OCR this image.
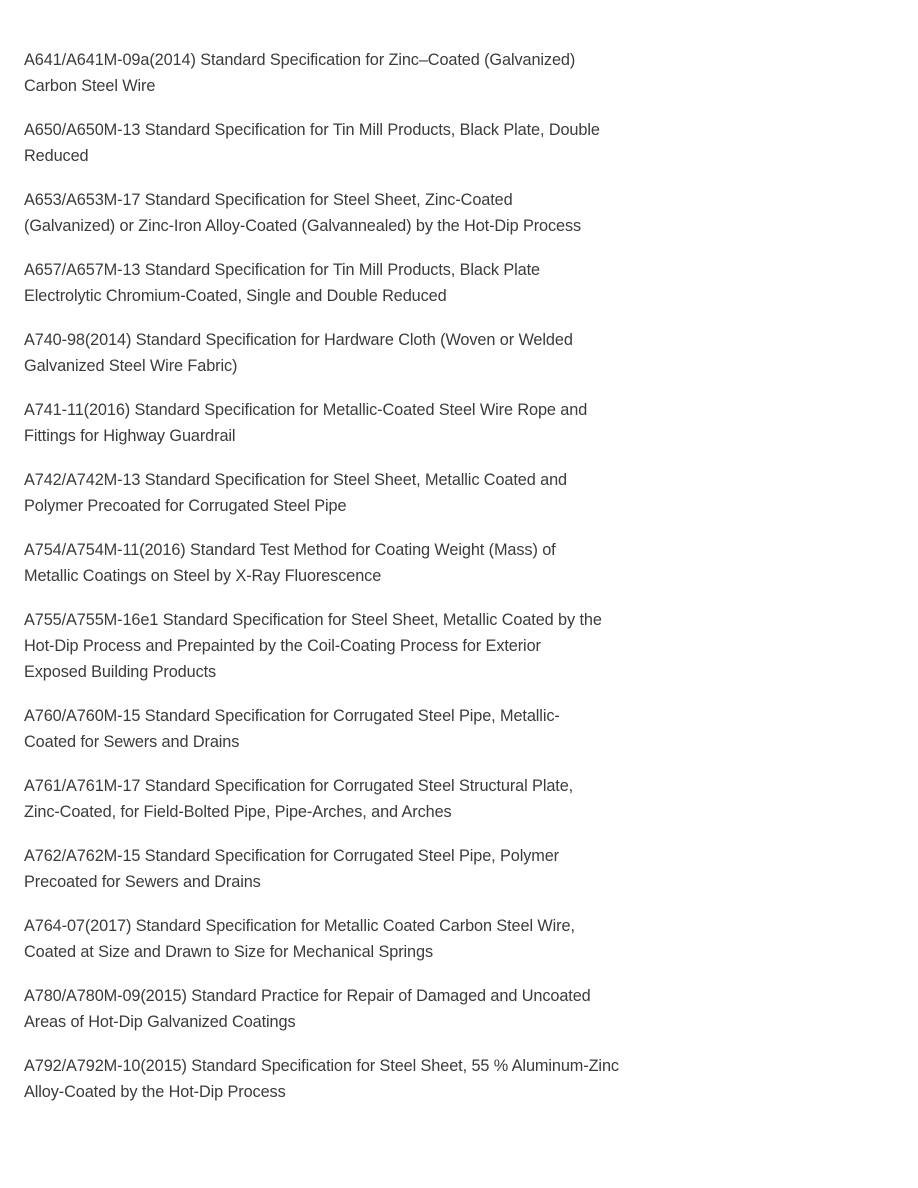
A641/A641M-09a(2014) Standard Specification for Zinc–Coated (Galvanized)
Carbon Steel Wire
A650/A650M-13 Standard Specification for Tin Mill Products, Black Plate, Double
Reduced
A653/A653M-17 Standard Specification for Steel Sheet, Zinc-Coated
(Galvanized) or Zinc-Iron Alloy-Coated (Galvannealed) by the Hot-Dip Process
A657/A657M-13 Standard Specification for Tin Mill Products, Black Plate
Electrolytic Chromium-Coated, Single and Double Reduced
A740-98(2014) Standard Specification for Hardware Cloth (Woven or Welded
Galvanized Steel Wire Fabric)
A741-11(2016) Standard Specification for Metallic-Coated Steel Wire Rope and
Fittings for Highway Guardrail
A742/A742M-13 Standard Specification for Steel Sheet, Metallic Coated and
Polymer Precoated for Corrugated Steel Pipe
A754/A754M-11(2016) Standard Test Method for Coating Weight (Mass) of
Metallic Coatings on Steel by X-Ray Fluorescence
A755/A755M-16e1 Standard Specification for Steel Sheet, Metallic Coated by the
Hot-Dip Process and Prepainted by the Coil-Coating Process for Exterior
Exposed Building Products
A760/A760M-15 Standard Specification for Corrugated Steel Pipe, Metallic-
Coated for Sewers and Drains
A761/A761M-17 Standard Specification for Corrugated Steel Structural Plate,
Zinc-Coated, for Field-Bolted Pipe, Pipe-Arches, and Arches
A762/A762M-15 Standard Specification for Corrugated Steel Pipe, Polymer
Precoated for Sewers and Drains
A764-07(2017) Standard Specification for Metallic Coated Carbon Steel Wire,
Coated at Size and Drawn to Size for Mechanical Springs
A780/A780M-09(2015) Standard Practice for Repair of Damaged and Uncoated
Areas of Hot-Dip Galvanized Coatings
A792/A792M-10(2015) Standard Specification for Steel Sheet, 55 % Aluminum-Zinc
Alloy-Coated by the Hot-Dip Process
